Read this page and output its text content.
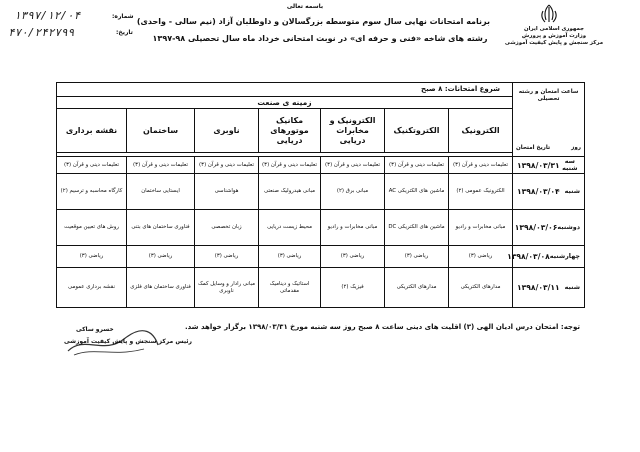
جمهوری اسلامی ایران
وزارت آموزش و پرورش
مرکز سنجش و پایش کیفیت آموزشی
باسمه تعالی
برنامه امتحانات نهایی سال سوم متوسطه بزرگسالان و داوطلبان آزاد (نیم سالی - واحدی)
رشته های شاخه «فنی و حرفه ای» در نوبت امتحانی خرداد ماه سال تحصیلی ۹۸-۱۳۹۷
شماره:
۱۳۹۷/۱۲/۰۴
تاریخ:
۴۷۰/۲۴۲۷۹۹
ساعت امتحان و رشته تحصیلی
روز
تاریخ امتحان	شروع امتحانات: ۸ صبح						
	زمینه ی صنعت						
	الکترونیک	الکتروتکنیک	الکترونیک و مخابرات دریایی	مکانیک موتورهای دریایی	ناوبری	ساختمان	نقشه برداری

سه شنبه
۱۳۹۸/۰۳/۳۱	تعلیمات دینی و قرآن (۳)	تعلیمات دینی و قرآن (۳)	تعلیمات دینی و قرآن (۳)	تعلیمات دینی و قرآن (۳)	تعلیمات دینی و قرآن (۳)	تعلیمات دینی و قرآن (۳)	تعلیمات دینی و قرآن (۳)

شنبه
۱۳۹۸/۰۳/۰۴	الکترونیک عمومی (۲)	ماشین های الکتریکی AC	مبانی برق (۲)	مبانی هیدرولیک صنعتی	هواشناسی	ایستایی ساختمان	کارگاه محاسبه و ترسیم (۲)

دوشنبه
۱۳۹۸/۰۳/۰۶	مبانی مخابرات و رادیو	ماشین های الکتریکی DC	مبانی مخابرات و رادیو	محیط زیست دریایی	زبان تخصصی	فناوری ساختمان های بتنی	روش های تعیین موقعیت

چهارشنبه
۱۳۹۸/۰۳/۰۸	ریاضی (۳)	ریاضی (۳)	ریاضی (۳)	ریاضی (۳)	ریاضی (۳)	ریاضی (۳)	ریاضی (۳)

شنبه
۱۳۹۸/۰۳/۱۱	مدارهای الکتریکی	مدارهای الکتریکی	فیزیک (۲)	استاتیک و دینامیک مقدماتی	مبانی رادار و وسایل کمک ناوبری	فناوری ساختمان های فلزی	نقشه برداری عمومی
توجه: امتحان درس ادیان الهی (۳) اقلیت های دینی ساعت ۸ صبح روز سه شنبه مورخ ۱۳۹۸/۰۳/۳۱ برگزار خواهد شد.
خسرو ساکی
رئیس مرکز سنجش و پایش کیفیت آموزشی
